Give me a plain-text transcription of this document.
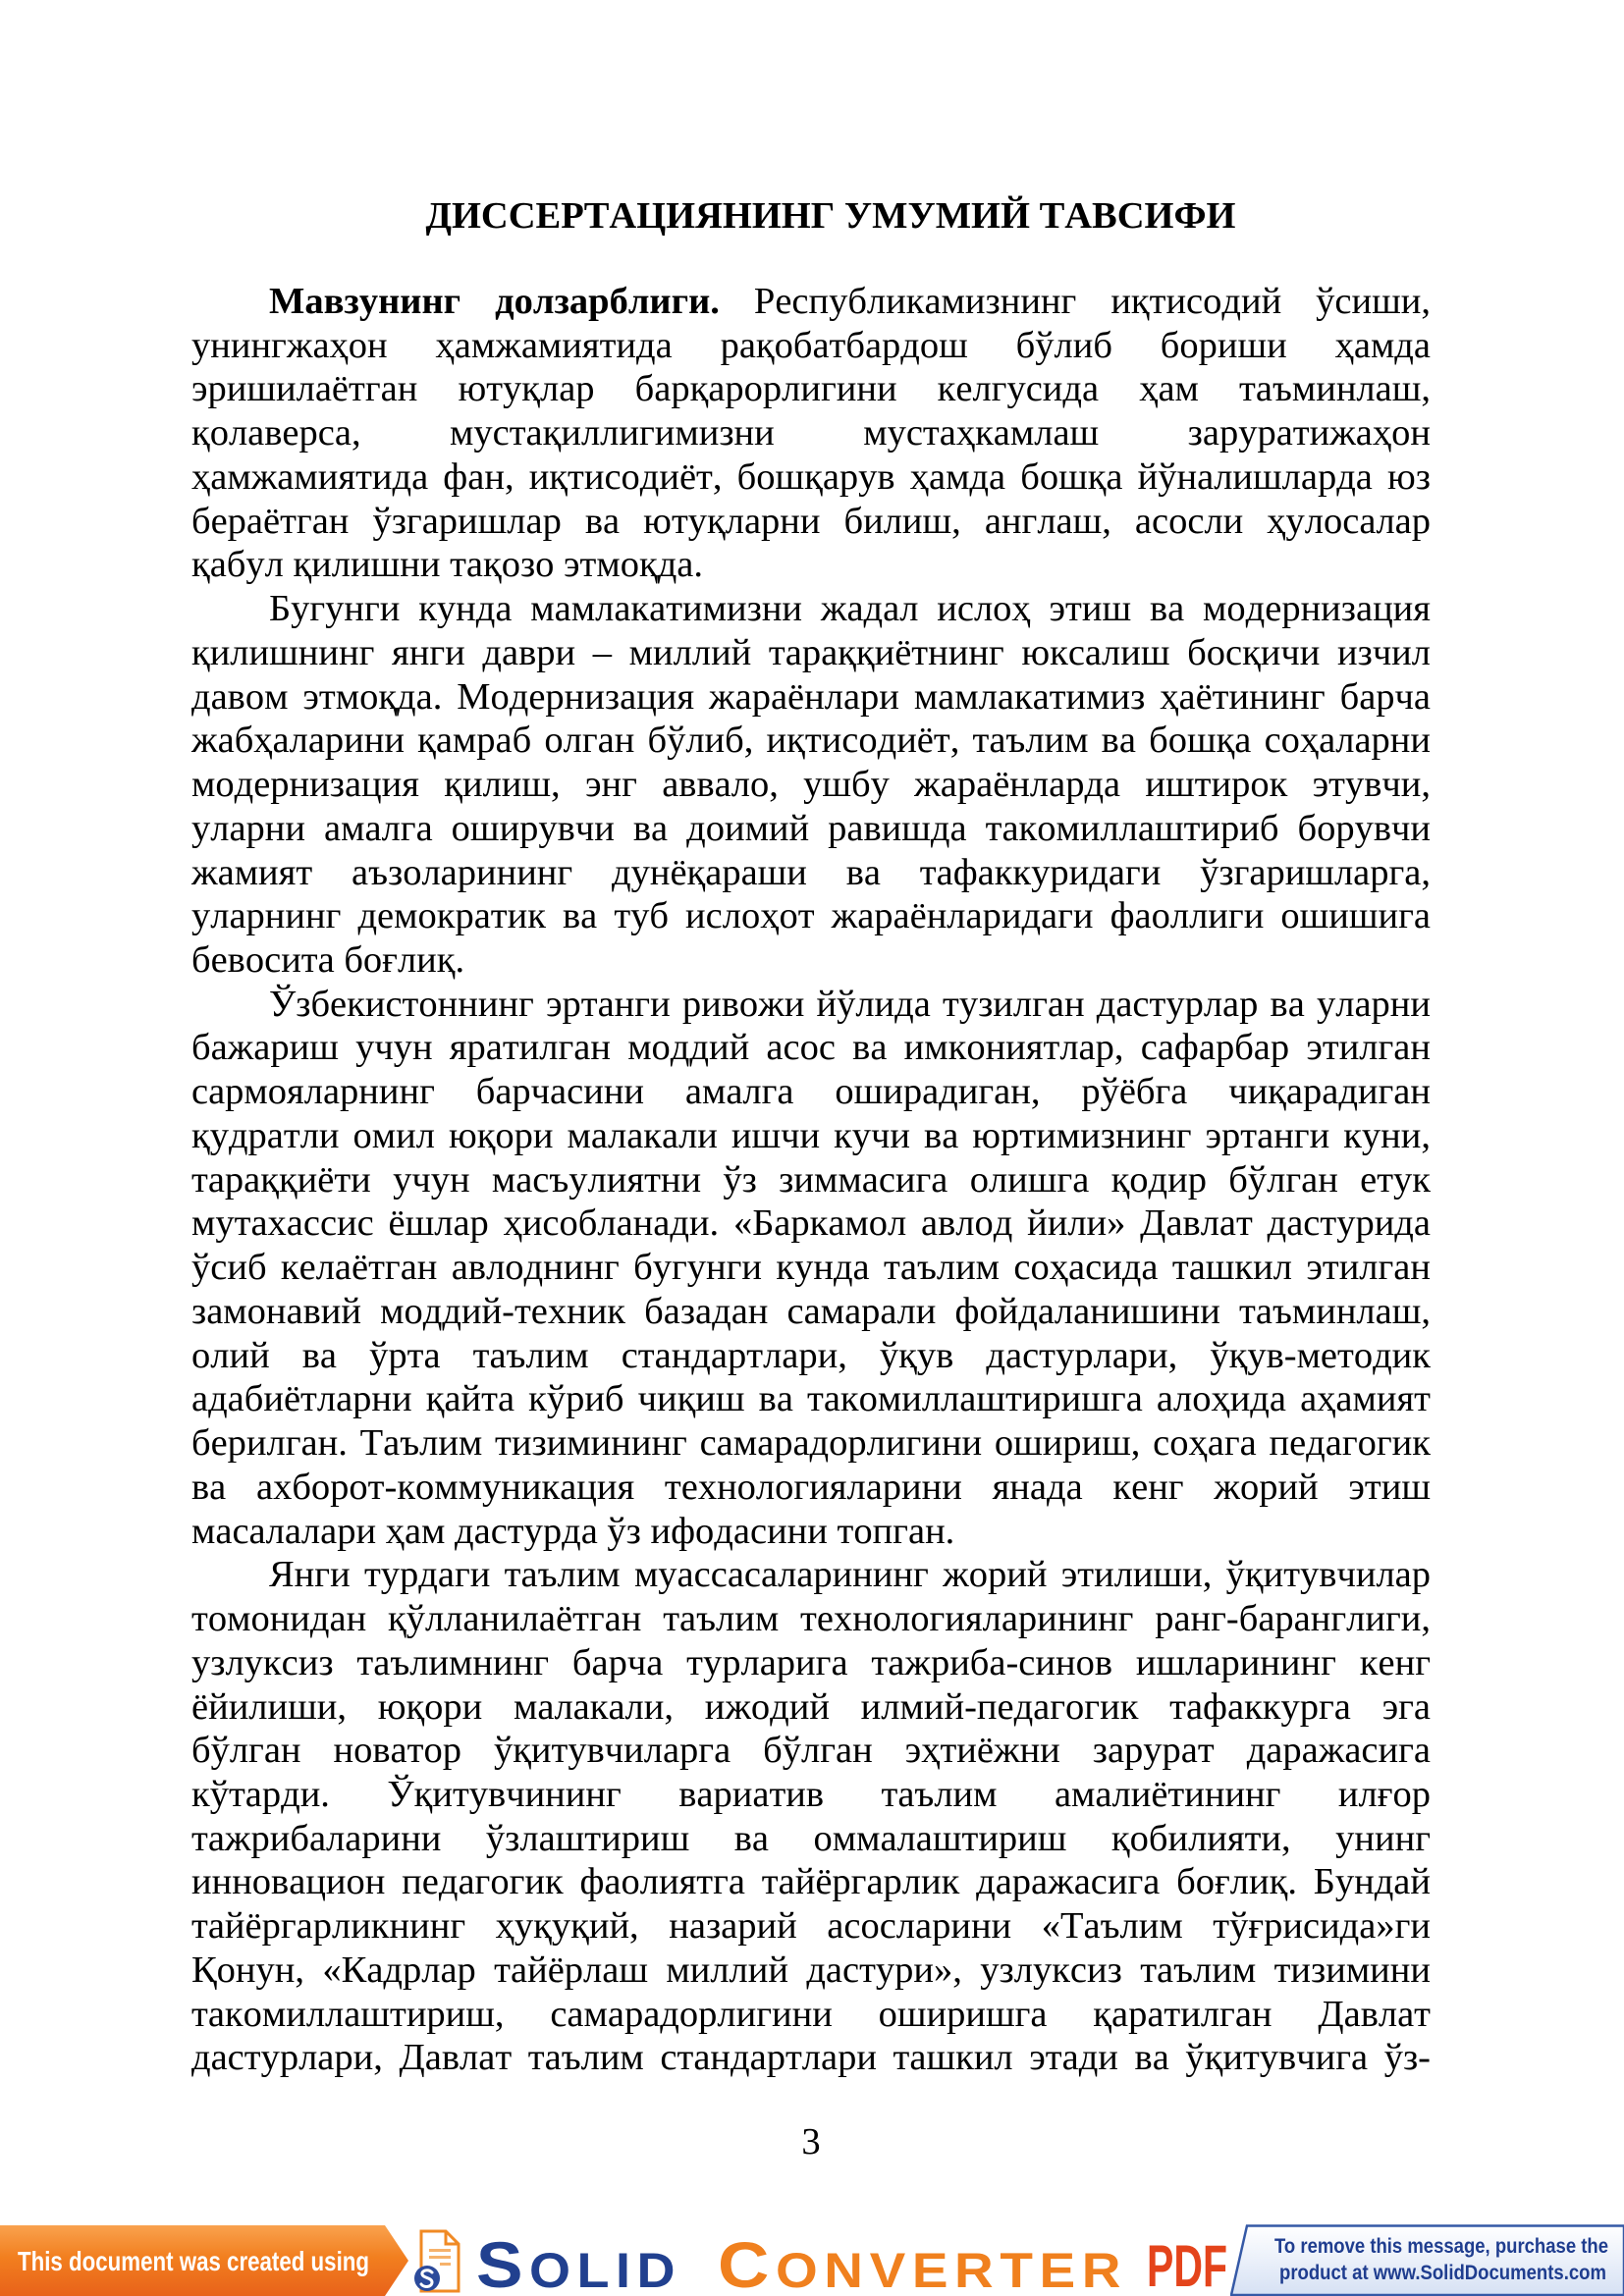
ДИССЕРТАЦИЯНИНГ УМУМИЙ ТАВСИФИ
Мавзунинг долзарблиги. Республикамизнинг иқтисодий ўсиши,
унингжаҳон ҳамжамиятида рақобатбардош бўлиб бориши ҳамда
эришилаётган ютуқлар барқарорлигини келгусида ҳам таъминлаш,
қолаверса, мустақиллигимизни мустаҳкамлаш заруратижаҳон
ҳамжамиятида фан, иқтисодиёт, бошқарув ҳамда бошқа йўналишларда юз
бераётган ўзгаришлар ва ютуқларни билиш, англаш, асосли ҳулосалар
қабул қилишни тақозо этмоқда.
Бугунги кунда мамлакатимизни жадал ислоҳ этиш ва модернизация
қилишнинг янги даври – миллий тараққиётнинг юксалиш босқичи изчил
давом этмоқда. Модернизация жараёнлари мамлакатимиз ҳаётининг барча
жабҳаларини қамраб олган бўлиб, иқтисодиёт, таълим ва бошқа соҳаларни
модернизация қилиш, энг аввало, ушбу жараёнларда иштирок этувчи,
уларни амалга оширувчи ва доимий равишда такомиллаштириб борувчи
жамият аъзоларининг дунёқараши ва тафаккуридаги ўзгаришларга,
уларнинг демократик ва туб ислоҳот жараёнларидаги фаоллиги ошишига
бевосита боғлиқ.
Ўзбекистоннинг эртанги ривожи йўлида тузилган дастурлар ва уларни
бажариш учун яратилган моддий асос ва имкониятлар, сафарбар этилган
сармояларнинг барчасини амалга оширадиган, рўёбга чиқарадиган
қудратли омил юқори малакали ишчи кучи ва юртимизнинг эртанги куни,
тараққиёти учун масъулиятни ўз зиммасига олишга қодир бўлган етук
мутахассис ёшлар ҳисобланади. «Баркамол авлод йили» Давлат дастурида
ўсиб келаётган авлоднинг бугунги кунда таълим соҳасида ташкил этилган
замонавий моддий-техник базадан самарали фойдаланишини таъминлаш,
олий ва ўрта таълим стандартлари, ўқув дастурлари, ўқув-методик
адабиётларни қайта кўриб чиқиш ва такомиллаштиришга алоҳида аҳамият
берилган. Таълим тизимининг самарадорлигини ошириш, соҳага педагогик
ва ахборот-коммуникация технологияларини янада кенг жорий этиш
масалалари ҳам дастурда ўз ифодасини топган.
Янги турдаги таълим муассасаларининг жорий этилиши, ўқитувчилар
томонидан қўлланилаётган таълим технологияларининг ранг-баранглиги,
узлуксиз таълимнинг барча турларига тажриба-синов ишларининг кенг
ёйилиши, юқори малакали, ижодий илмий-педагогик тафаккурга эга
бўлган новатор ўқитувчиларга бўлган эҳтиёжни зарурат даражасига
кўтарди. Ўқитувчининг вариатив таълим амалиётининг илғор
тажрибаларини ўзлаштириш ва оммалаштириш қобилияти, унинг
инновацион педагогик фаолиятга тайёргарлик даражасига боғлиқ. Бундай
тайёргарликнинг ҳуқуқий, назарий асосларини «Таълим тўғрисида»ги
Қонун, «Кадрлар тайёрлаш миллий дастури», узлуксиз таълим тизимини
такомиллаштириш, самарадорлигини оширишга қаратилган Давлат
дастурлари, Давлат таълим стандартлари ташкил этади ва ўқитувчига ўз-
3
This document was created using SOLID CONVERTER PDF To remove this message, purchase the
product at www.SolidDocuments.com
